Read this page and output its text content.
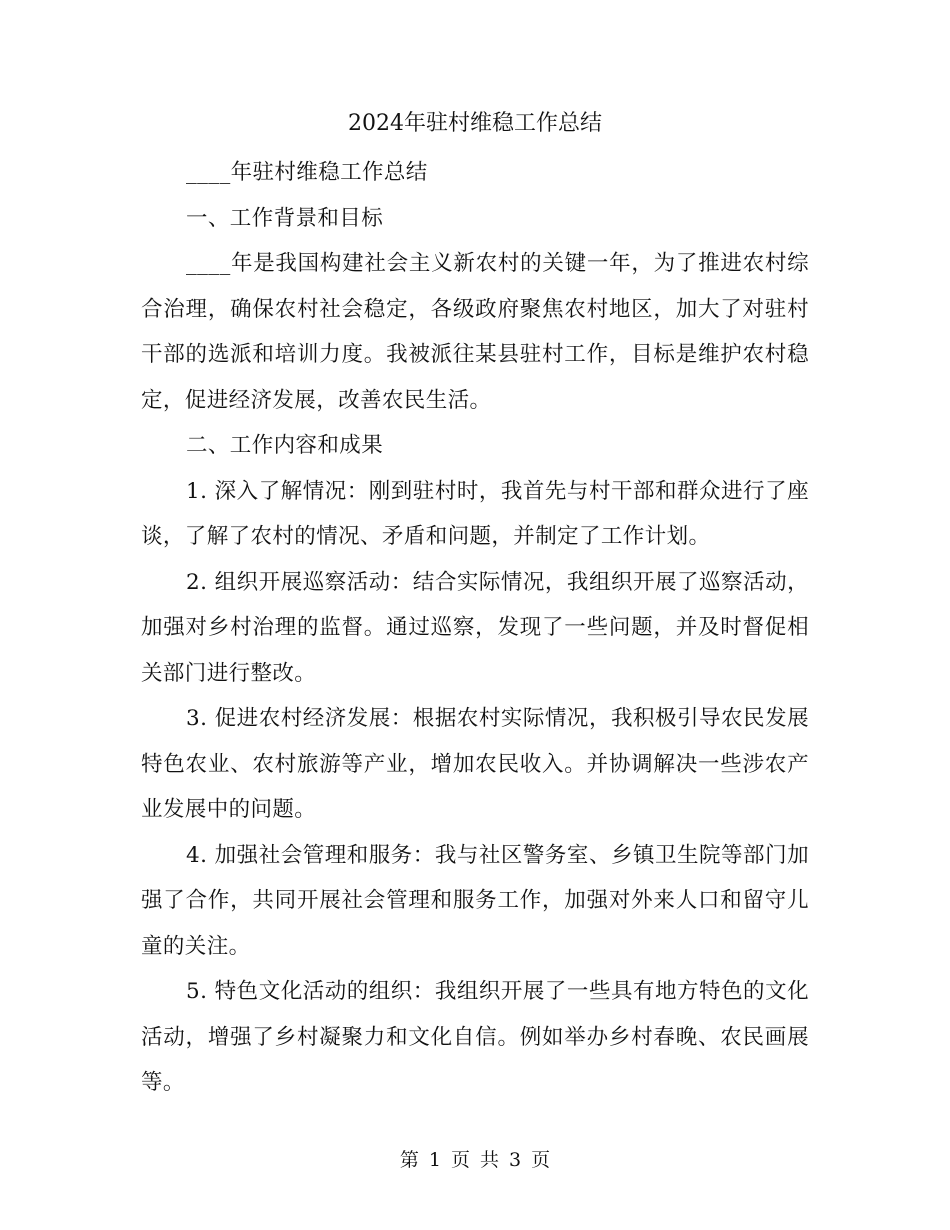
2024年驻村维稳工作总结

____年驻村维稳工作总结

一、工作背景和目标

____年是我国构建社会主义新农村的关键一年，为了推进农村综合治理，确保农村社会稳定，各级政府聚焦农村地区，加大了对驻村干部的选派和培训力度。我被派往某县驻村工作，目标是维护农村稳定，促进经济发展，改善农民生活。

二、工作内容和成果

1. 深入了解情况：刚到驻村时，我首先与村干部和群众进行了座谈，了解了农村的情况、矛盾和问题，并制定了工作计划。

2. 组织开展巡察活动：结合实际情况，我组织开展了巡察活动，加强对乡村治理的监督。通过巡察，发现了一些问题，并及时督促相关部门进行整改。

3. 促进农村经济发展：根据农村实际情况，我积极引导农民发展特色农业、农村旅游等产业，增加农民收入。并协调解决一些涉农产业发展中的问题。

4. 加强社会管理和服务：我与社区警务室、乡镇卫生院等部门加强了合作，共同开展社会管理和服务工作，加强对外来人口和留守儿童的关注。

5. 特色文化活动的组织：我组织开展了一些具有地方特色的文化活动，增强了乡村凝聚力和文化自信。例如举办乡村春晚、农民画展等。

第 1 页 共 3 页
